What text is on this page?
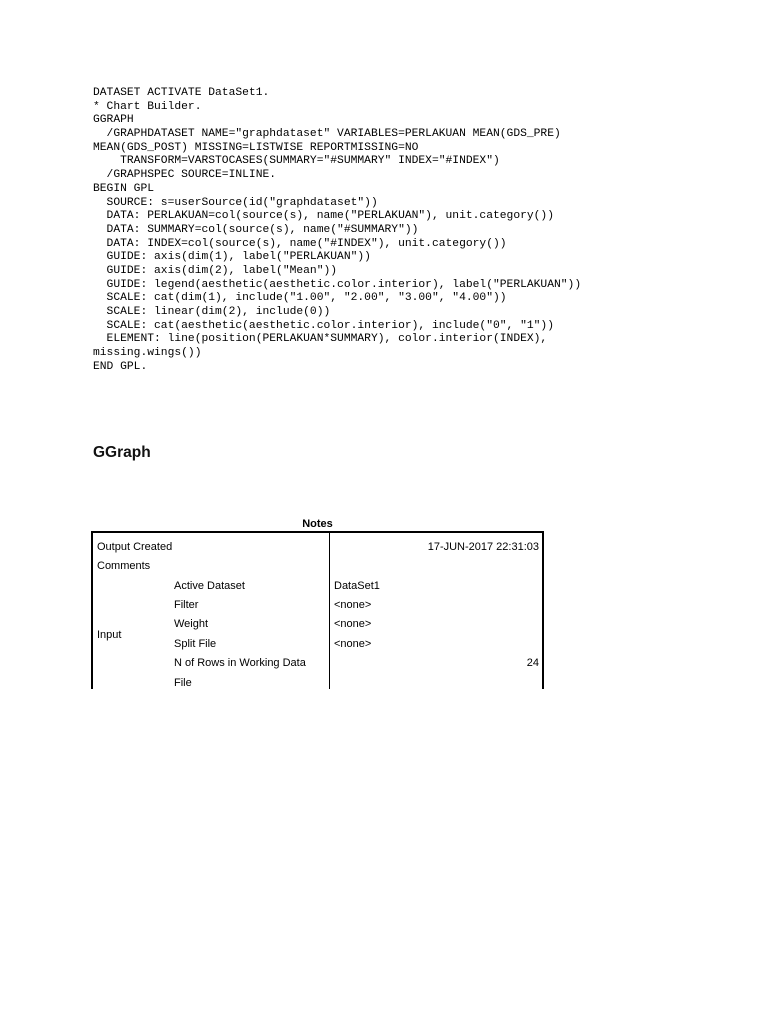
DATASET ACTIVATE DataSet1.
* Chart Builder.
GGRAPH
/GRAPHDATASET NAME="graphdataset" VARIABLES=PERLAKUAN MEAN(GDS_PRE)
MEAN(GDS_POST) MISSING=LISTWISE REPORTMISSING=NO
TRANSFORM=VARSTOCASES(SUMMARY="#SUMMARY" INDEX="#INDEX")
/GRAPHSPEC SOURCE=INLINE.
BEGIN GPL
SOURCE: s=userSource(id("graphdataset"))
DATA: PERLAKUAN=col(source(s), name("PERLAKUAN"), unit.category())
DATA: SUMMARY=col(source(s), name("#SUMMARY"))
DATA: INDEX=col(source(s), name("#INDEX"), unit.category())
GUIDE: axis(dim(1), label("PERLAKUAN"))
GUIDE: axis(dim(2), label("Mean"))
GUIDE: legend(aesthetic(aesthetic.color.interior), label("PERLAKUAN"))
SCALE: cat(dim(1), include("1.00", "2.00", "3.00", "4.00"))
SCALE: linear(dim(2), include(0))
SCALE: cat(aesthetic(aesthetic.color.interior), include("0", "1"))
ELEMENT: line(position(PERLAKUAN*SUMMARY), color.interior(INDEX),
missing.wings())
END GPL.
GGraph
Notes
Output Created	17-JUN-2017 22:31:03
Comments
Input
Active Dataset	DataSet1
Filter	<none>
Weight	<none>
Split File	<none>
N of Rows in Working Data	24
File
